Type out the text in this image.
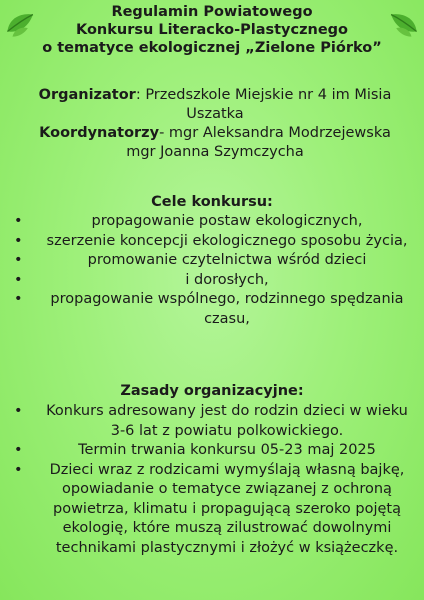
Regulamin Powiatowego
Konkursu Literacko-Plastycznego
o tematyce ekologicznej „Zielone Piórko”
Organizator: Przedszkole Miejskie nr 4 im Misia
Uszatka
Koordynatorzy- mgr Aleksandra Modrzejewska
mgr Joanna Szymczycha
Cele konkursu:
•	propagowanie postaw ekologicznych,
•	szerzenie koncepcji ekologicznego sposobu życia,
•	promowanie czytelnictwa wśród dzieci
•	i dorosłych,
•	propagowanie wspólnego, rodzinnego spędzania czasu,
Zasady organizacyjne:
•	Konkurs adresowany jest do rodzin dzieci w wieku 3-6 lat z powiatu polkowickiego.
•	Termin trwania konkursu 05-23 maj 2025
•	Dzieci wraz z rodzicami wymyślają własną bajkę, opowiadanie o tematyce związanej z ochroną powietrza, klimatu i propagującą szeroko pojętą ekologię, które muszą zilustrować dowolnymi technikami plastycznymi i złożyć w książeczkę.
